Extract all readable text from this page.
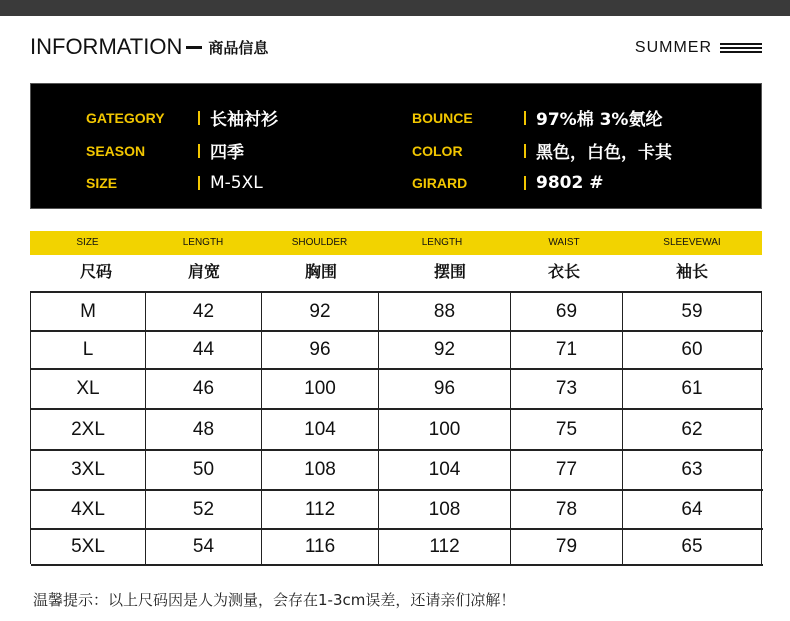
INFORMATION 商品信息	SUMMER
GATEGORY	长袖衬衫
SEASON	四季
SIZE	M-5XL
BOUNCE	97%棉 3%氨纶
COLOR	黑色，白色，卡其
GIRARD	9802 #
SIZE	LENGTH	SHOULDER	LENGTH	WAIST	SLEEVEWAI
尺码	肩宽	胸围	摆围	衣长	袖长
M	42	92	88	69	59
L	44	96	92	71	60
XL	46	100	96	73	61
2XL	48	104	100	75	62
3XL	50	108	104	77	63
4XL	52	112	108	78	64
5XL	54	116	112	79	65
温馨提示：以上尺码因是人为测量，会存在1-3cm误差，还请亲们凉解！
